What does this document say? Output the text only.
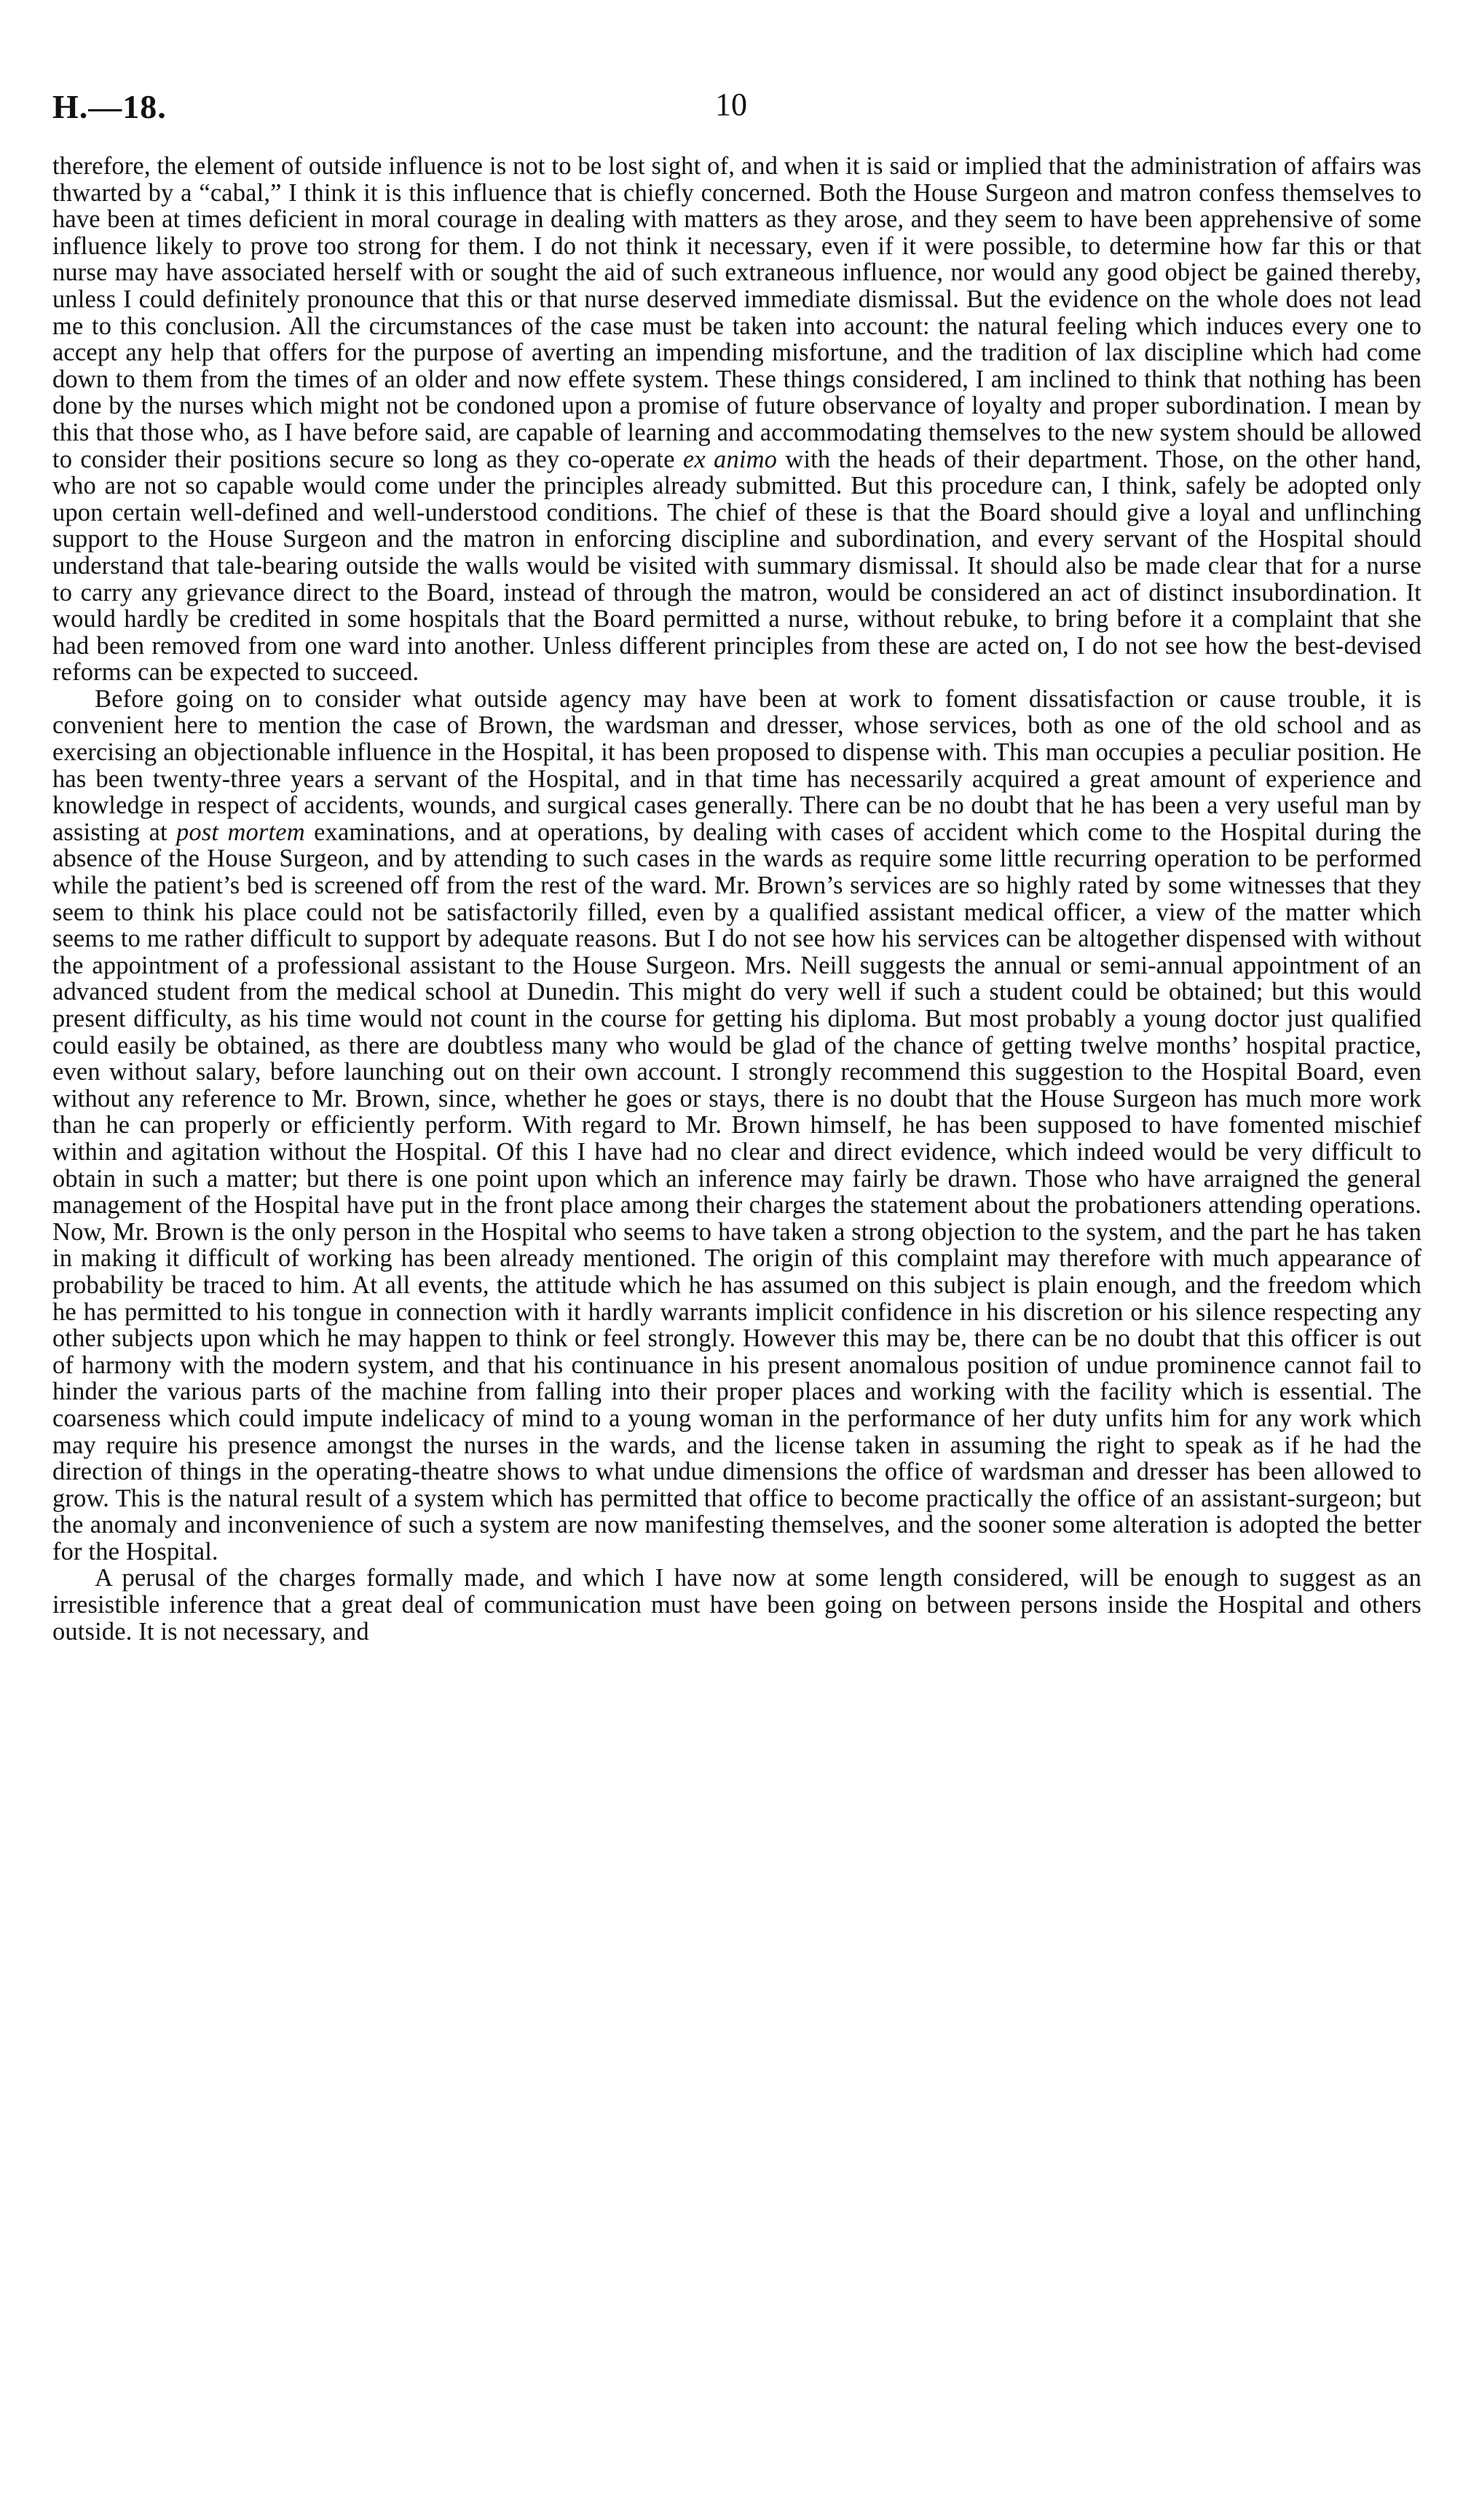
H.—18.	10

therefore, the element of outside influence is not to be lost sight of, and when it is said or implied that the administration of affairs was thwarted by a “cabal,” I think it is this influence that is chiefly concerned. Both the House Surgeon and matron confess themselves to have been at times deficient in moral courage in dealing with matters as they arose, and they seem to have been apprehensive of some influence likely to prove too strong for them. I do not think it necessary, even if it were possible, to determine how far this or that nurse may have associated herself with or sought the aid of such extraneous influence, nor would any good object be gained thereby, unless I could definitely pronounce that this or that nurse deserved immediate dismissal. But the evidence on the whole does not lead me to this conclusion. All the circumstances of the case must be taken into account: the natural feeling which induces every one to accept any help that offers for the purpose of averting an impending misfortune, and the tradition of lax discipline which had come down to them from the times of an older and now effete system. These things considered, I am inclined to think that nothing has been done by the nurses which might not be condoned upon a promise of future observance of loyalty and proper subordination. I mean by this that those who, as I have before said, are capable of learning and accommodating themselves to the new system should be allowed to consider their positions secure so long as they co-operate ex animo with the heads of their department. Those, on the other hand, who are not so capable would come under the principles already submitted. But this procedure can, I think, safely be adopted only upon certain well-defined and well-understood conditions. The chief of these is that the Board should give a loyal and unflinching support to the House Surgeon and the matron in enforcing discipline and subordination, and every servant of the Hospital should understand that tale-bearing outside the walls would be visited with summary dismissal. It should also be made clear that for a nurse to carry any grievance direct to the Board, instead of through the matron, would be considered an act of distinct insubordination. It would hardly be credited in some hospitals that the Board permitted a nurse, without rebuke, to bring before it a complaint that she had been removed from one ward into another. Unless different principles from these are acted on, I do not see how the best-devised reforms can be expected to succeed.

Before going on to consider what outside agency may have been at work to foment dissatisfaction or cause trouble, it is convenient here to mention the case of Brown, the wardsman and dresser, whose services, both as one of the old school and as exercising an objectionable influence in the Hospital, it has been proposed to dispense with. This man occupies a peculiar position. He has been twenty-three years a servant of the Hospital, and in that time has necessarily acquired a great amount of experience and knowledge in respect of accidents, wounds, and surgical cases generally. There can be no doubt that he has been a very useful man by assisting at post mortem examinations, and at operations, by dealing with cases of accident which come to the Hospital during the absence of the House Surgeon, and by attending to such cases in the wards as require some little recurring operation to be performed while the patient’s bed is screened off from the rest of the ward. Mr. Brown’s services are so highly rated by some witnesses that they seem to think his place could not be satisfactorily filled, even by a qualified assistant medical officer, a view of the matter which seems to me rather difficult to support by adequate reasons. But I do not see how his services can be altogether dispensed with without the appointment of a professional assistant to the House Surgeon. Mrs. Neill suggests the annual or semi-annual appointment of an advanced student from the medical school at Dunedin. This might do very well if such a student could be obtained; but this would present difficulty, as his time would not count in the course for getting his diploma. But most probably a young doctor just qualified could easily be obtained, as there are doubtless many who would be glad of the chance of getting twelve months’ hospital practice, even without salary, before launching out on their own account. I strongly recommend this suggestion to the Hospital Board, even without any reference to Mr. Brown, since, whether he goes or stays, there is no doubt that the House Surgeon has much more work than he can properly or efficiently perform. With regard to Mr. Brown himself, he has been supposed to have fomented mischief within and agitation without the Hospital. Of this I have had no clear and direct evidence, which indeed would be very difficult to obtain in such a matter; but there is one point upon which an inference may fairly be drawn. Those who have arraigned the general management of the Hospital have put in the front place among their charges the statement about the probationers attending operations. Now, Mr. Brown is the only person in the Hospital who seems to have taken a strong objection to the system, and the part he has taken in making it difficult of working has been already mentioned. The origin of this complaint may therefore with much appearance of probability be traced to him. At all events, the attitude which he has assumed on this subject is plain enough, and the freedom which he has permitted to his tongue in connection with it hardly warrants implicit confidence in his discretion or his silence respecting any other subjects upon which he may happen to think or feel strongly. However this may be, there can be no doubt that this officer is out of harmony with the modern system, and that his continuance in his present anomalous position of undue prominence cannot fail to hinder the various parts of the machine from falling into their proper places and working with the facility which is essential. The coarseness which could impute indelicacy of mind to a young woman in the performance of her duty unfits him for any work which may require his presence amongst the nurses in the wards, and the license taken in assuming the right to speak as if he had the direction of things in the operating-theatre shows to what undue dimensions the office of wardsman and dresser has been allowed to grow. This is the natural result of a system which has permitted that office to become practically the office of an assistant-surgeon; but the anomaly and inconvenience of such a system are now manifesting themselves, and the sooner some alteration is adopted the better for the Hospital.

A perusal of the charges formally made, and which I have now at some length considered, will be enough to suggest as an irresistible inference that a great deal of communication must have been going on between persons inside the Hospital and others outside. It is not necessary, and
